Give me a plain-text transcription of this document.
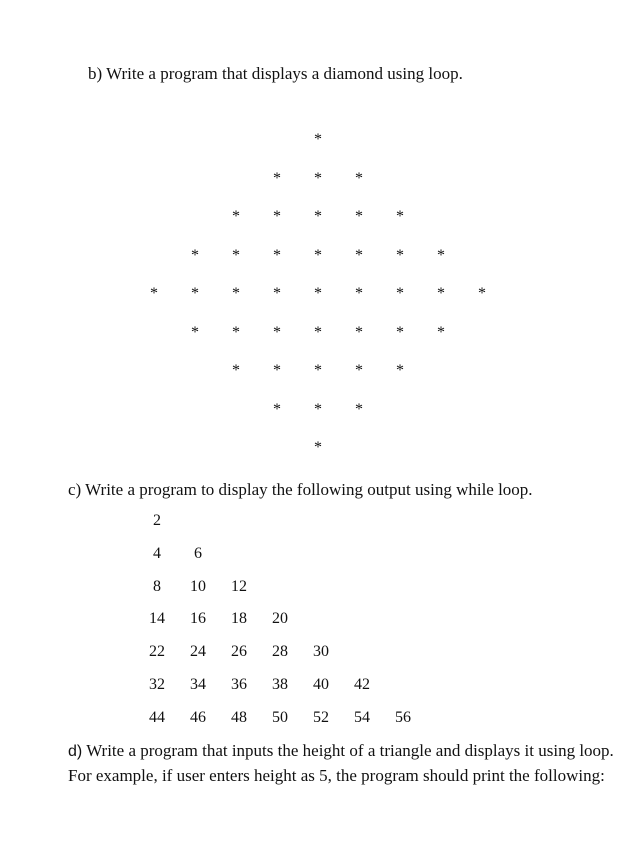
b) Write a program that displays a diamond using loop.
*
*	*	*
*	*	*	*	*
*	*	*	*	*	*	*
*	*	*	*	*	*	*	*	*
*	*	*	*	*	*	*
*	*	*	*	*
*	*	*
*
c) Write a program to display the following output using while loop.
2
4	6
8	10	12
14	16	18	20
22	24	26	28	30
32	34	36	38	40	42
44	46	48	50	52	54	56
d) Write a program that inputs the height of a triangle and displays it using loop.
For example, if user enters height as 5, the program should print the following:
